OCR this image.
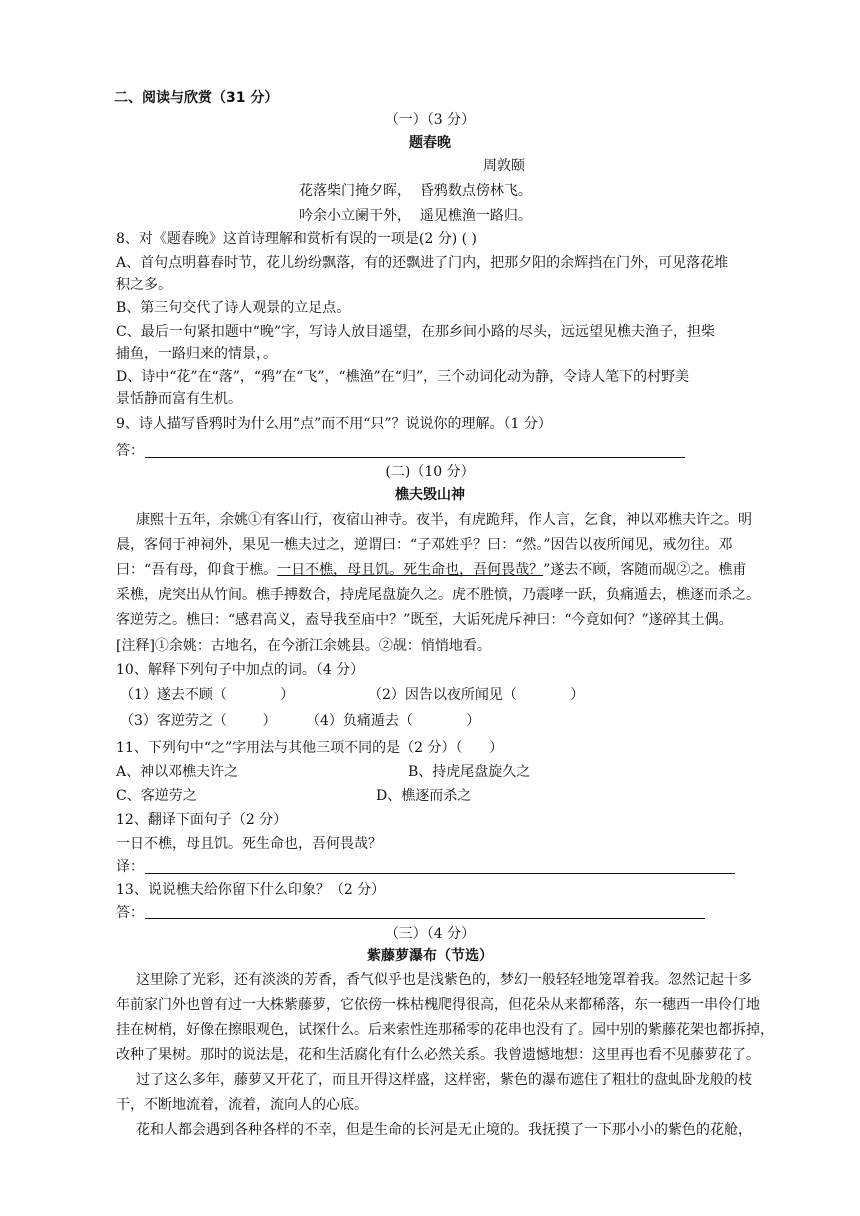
二、阅读与欣赏（31 分）
（一）（3 分）
题春晚
周敦颐
花落柴门掩夕晖，  昏鸦数点傍林飞。
吟余小立阑干外，  遥见樵渔一路归。
8、对《题春晚》这首诗理解和赏析有误的一项是(2 分) ( )
A、首句点明暮春时节，花儿纷纷飘落，有的还飘进了门内，把那夕阳的余辉挡在门外，可见落花堆
积之多。
B、第三句交代了诗人观景的立足点。
C、最后一句紧扣题中“晚”字，写诗人放目遥望，在那乡间小路的尽头，远远望见樵夫渔子，担柴
捕鱼，一路归来的情景，。
D、诗中“花”在“落”，“鸦”在“飞”，“樵渔”在“归”，三个动词化动为静，令诗人笔下的村野美
景恬静而富有生机。
9、诗人描写昏鸦时为什么用“点”而不用“只”？说说你的理解。（1 分）
答：
(二)（10 分）
樵夫毁山神
康熙十五年，余姚①有客山行，夜宿山神寺。夜半，有虎跪拜，作人言，乞食，神以邓樵夫许之。明
晨，客伺于神祠外，果见一樵夫过之，逆谓曰：“子邓姓乎？曰：“然。”因告以夜所闻见，戒勿往。邓
曰：“吾有母，仰食于樵。一日不樵，母且饥。死生命也，吾何畏哉？”遂去不顾，客随而觇②之。樵甫
采樵，虎突出从竹间。樵手搏数合，持虎尾盘旋久之。虎不胜愤，乃震哮一跃，负痛遁去，樵逐而杀之。
客逆劳之。樵曰：“感君高义，盍导我至庙中？”既至，大诟死虎斥神曰：“今竟如何？”遂碎其土偶。
[注释]①余姚：古地名，在今浙江余姚县。②觇：悄悄地看。
10、解释下列句子中加点的词。（4 分）
（1）遂去不顾（            ）	（2）因告以夜所闻见（            ）
（3）客逆劳之（        ） （4）负痛遁去（            ）
11、下列句中“之”字用法与其他三项不同的是（2 分）（      ）
A、神以邓樵夫许之	B、持虎尾盘旋久之
C、客逆劳之	D、樵逐而杀之
12、翻译下面句子（2 分）
一日不樵，母且饥。死生命也，吾何畏哉？
译：
13、说说樵夫给你留下什么印象？（2 分）
答：
（三）（4 分）
紫藤萝瀑布（节选）
这里除了光彩，还有淡淡的芳香，香气似乎也是浅紫色的，梦幻一般轻轻地笼罩着我。忽然记起十多
年前家门外也曾有过一大株紫藤萝，它依傍一株枯槐爬得很高，但花朵从来都稀落，东一穗西一串伶仃地
挂在树梢，好像在擦眼观色，试探什么。后来索性连那稀零的花串也没有了。园中别的紫藤花架也都拆掉，
改种了果树。那时的说法是，花和生活腐化有什么必然关系。我曾遗憾地想：这里再也看不见藤萝花了。
过了这么多年，藤萝又开花了，而且开得这样盛，这样密，紫色的瀑布遮住了粗壮的盘虬卧龙般的枝
干，不断地流着，流着，流向人的心底。
花和人都会遇到各种各样的不幸，但是生命的长河是无止境的。我抚摸了一下那小小的紫色的花舱，
